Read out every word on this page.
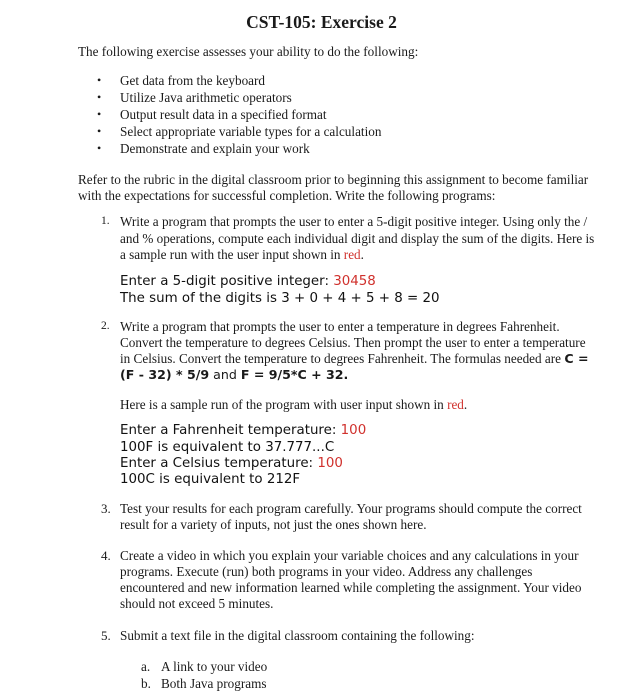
CST-105: Exercise 2
The following exercise assesses your ability to do the following:
• Get data from the keyboard
• Utilize Java arithmetic operators
• Output result data in a specified format
• Select appropriate variable types for a calculation
• Demonstrate and explain your work
Refer to the rubric in the digital classroom prior to beginning this assignment to become familiar
with the expectations for successful completion. Write the following programs:
1. Write a program that prompts the user to enter a 5-digit positive integer. Using only the /
and % operations, compute each individual digit and display the sum of the digits. Here is
a sample run with the user input shown in red.
Enter a 5-digit positive integer: 30458
The sum of the digits is 3 + 0 + 4 + 5 + 8 = 20
2. Write a program that prompts the user to enter a temperature in degrees Fahrenheit.
Convert the temperature to degrees Celsius. Then prompt the user to enter a temperature
in Celsius. Convert the temperature to degrees Fahrenheit. The formulas needed are C =
(F - 32) * 5/9 and F = 9/5*C + 32.
Here is a sample run of the program with user input shown in red.
Enter a Fahrenheit temperature: 100
100F is equivalent to 37.777...C
Enter a Celsius temperature: 100
100C is equivalent to 212F
3. Test your results for each program carefully. Your programs should compute the correct
result for a variety of inputs, not just the ones shown here.
4. Create a video in which you explain your variable choices and any calculations in your
programs. Execute (run) both programs in your video. Address any challenges
encountered and new information learned while completing the assignment. Your video
should not exceed 5 minutes.
5. Submit a text file in the digital classroom containing the following:
a. A link to your video
b. Both Java programs
